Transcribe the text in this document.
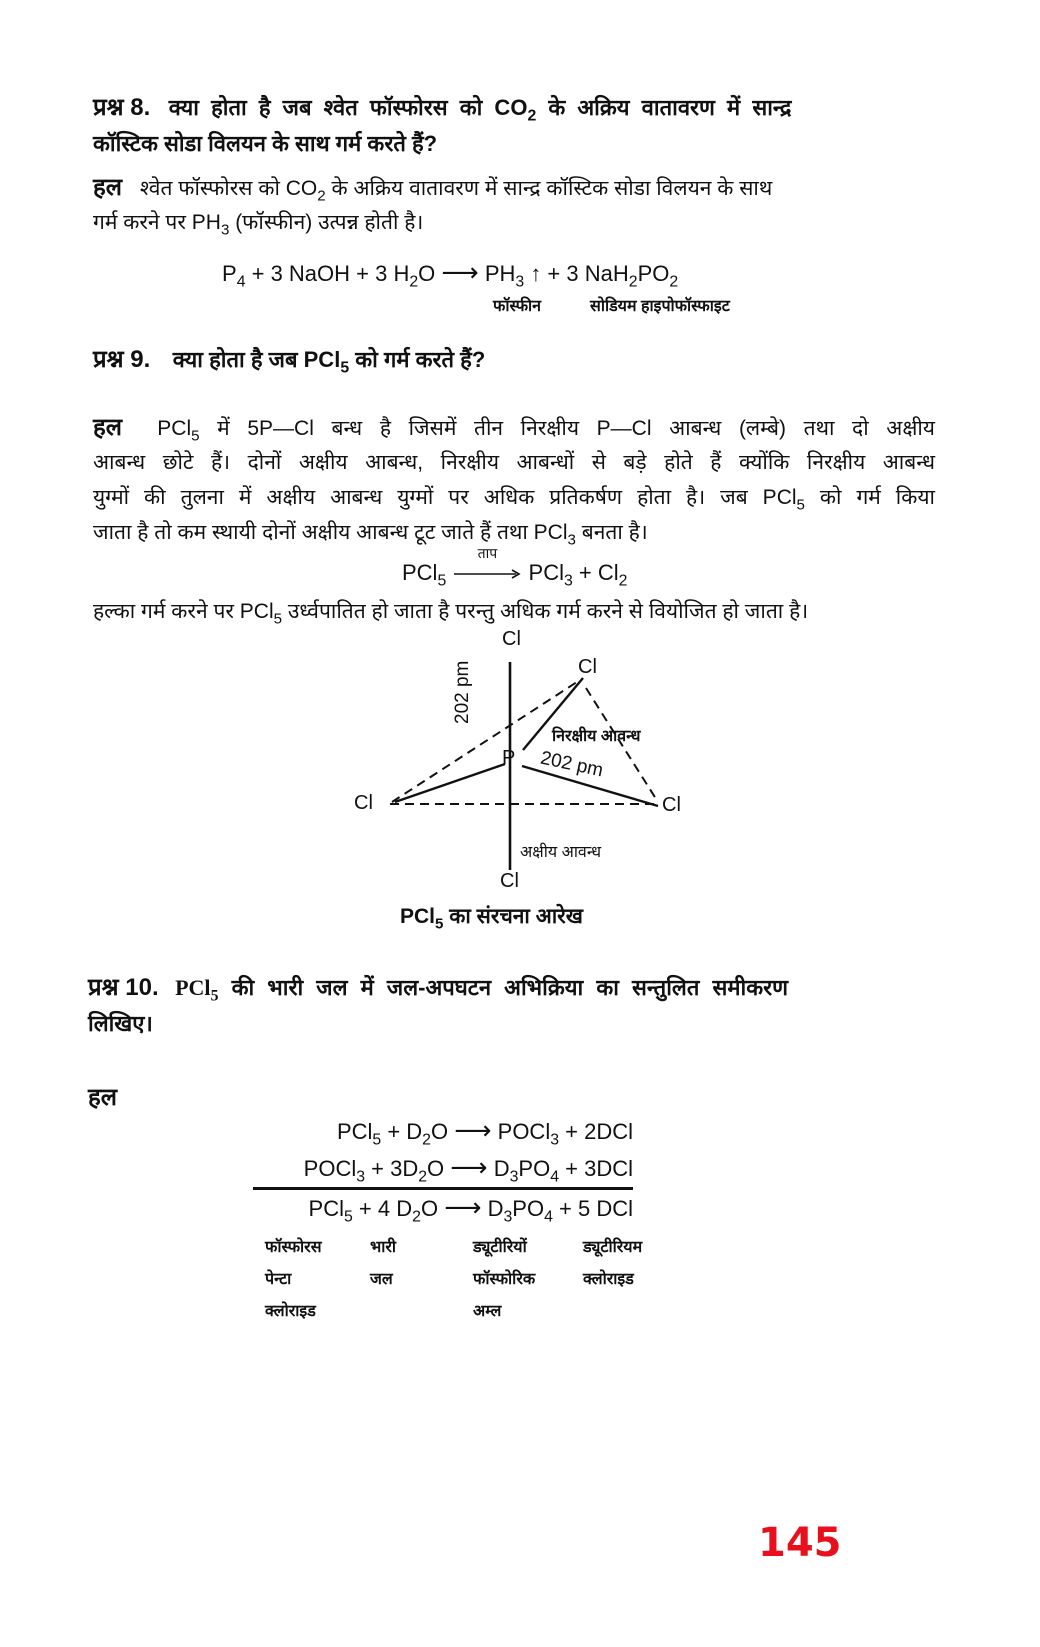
प्रश्न 8. क्या होता है जब श्वेत फॉस्फोरस को $CO_2$ के अक्रिय वातावरण में सान्द्र
कॉस्टिक सोडा विलयन के साथ गर्म करते हैं?
हल श्वेत फॉस्फोरस को $CO_2$ के अक्रिय वातावरण में सान्द्र कॉस्टिक सोडा विलयन के साथ
गर्म करने पर $PH_3$ (फॉस्फीन) उत्पन्न होती है।
$P_4 + 3$ NaOH + 3 $H_2O$ ⟶ $PH_3$ ↑ + 3 $NaH_2PO_2$
फॉस्फीन	सोडियम हाइपोफॉस्फाइट
प्रश्न 9. क्या होता है जब PCl$_5$ को गर्म करते हैं?
हल PCl$_5$ में 5P—Cl बन्ध है जिसमें तीन निरक्षीय P—Cl आबन्ध (लम्बे) तथा दो अक्षीय
आबन्ध छोटे हैं। दोनों अक्षीय आबन्ध, निरक्षीय आबन्धों से बड़े होते हैं क्योंकि निरक्षीय आबन्ध
युग्मों की तुलना में अक्षीय आबन्ध युग्मों पर अधिक प्रतिकर्षण होता है। जब PCl$_5$ को गर्म किया
जाता है तो कम स्थायी दोनों अक्षीय आबन्ध टूट जाते हैं तथा PCl$_3$ बनता है।
PCl$_5$
ताप
$PCl_3 + Cl_2$
हल्का गर्म करने पर PCl$_5$ उर्ध्वपातित हो जाता है परन्तु अधिक गर्म करने से वियोजित हो जाता है।
Cl
Cl
Cl	Cl
Cl
P
202 pm
202 pm
निरक्षीय आवन्ध
अक्षीय आवन्ध
PCl$_5$ का संरचना आरेख
प्रश्न 10. PCl$_5$ की भारी जल में जल-अपघटन अभिक्रिया का सन्तुलित समीकरण
लिखिए।
हल
$PCl_5 + D_2O$ ⟶ POCl$_3$ + 2DCl
POCl$_3$ + $3D_2O$ ⟶ $D_3PO_4 + 3DCl$
PCl$_5$ + 4 $D_2O$ ⟶ $D_3PO_4 + 5$ DCl
फॉस्फोरस
पेन्टा
क्लोराइड
भारी
जल
ड्यूटीरियों
फॉस्फोरिक
अम्ल
ड्यूटीरियम
क्लोराइड
145
